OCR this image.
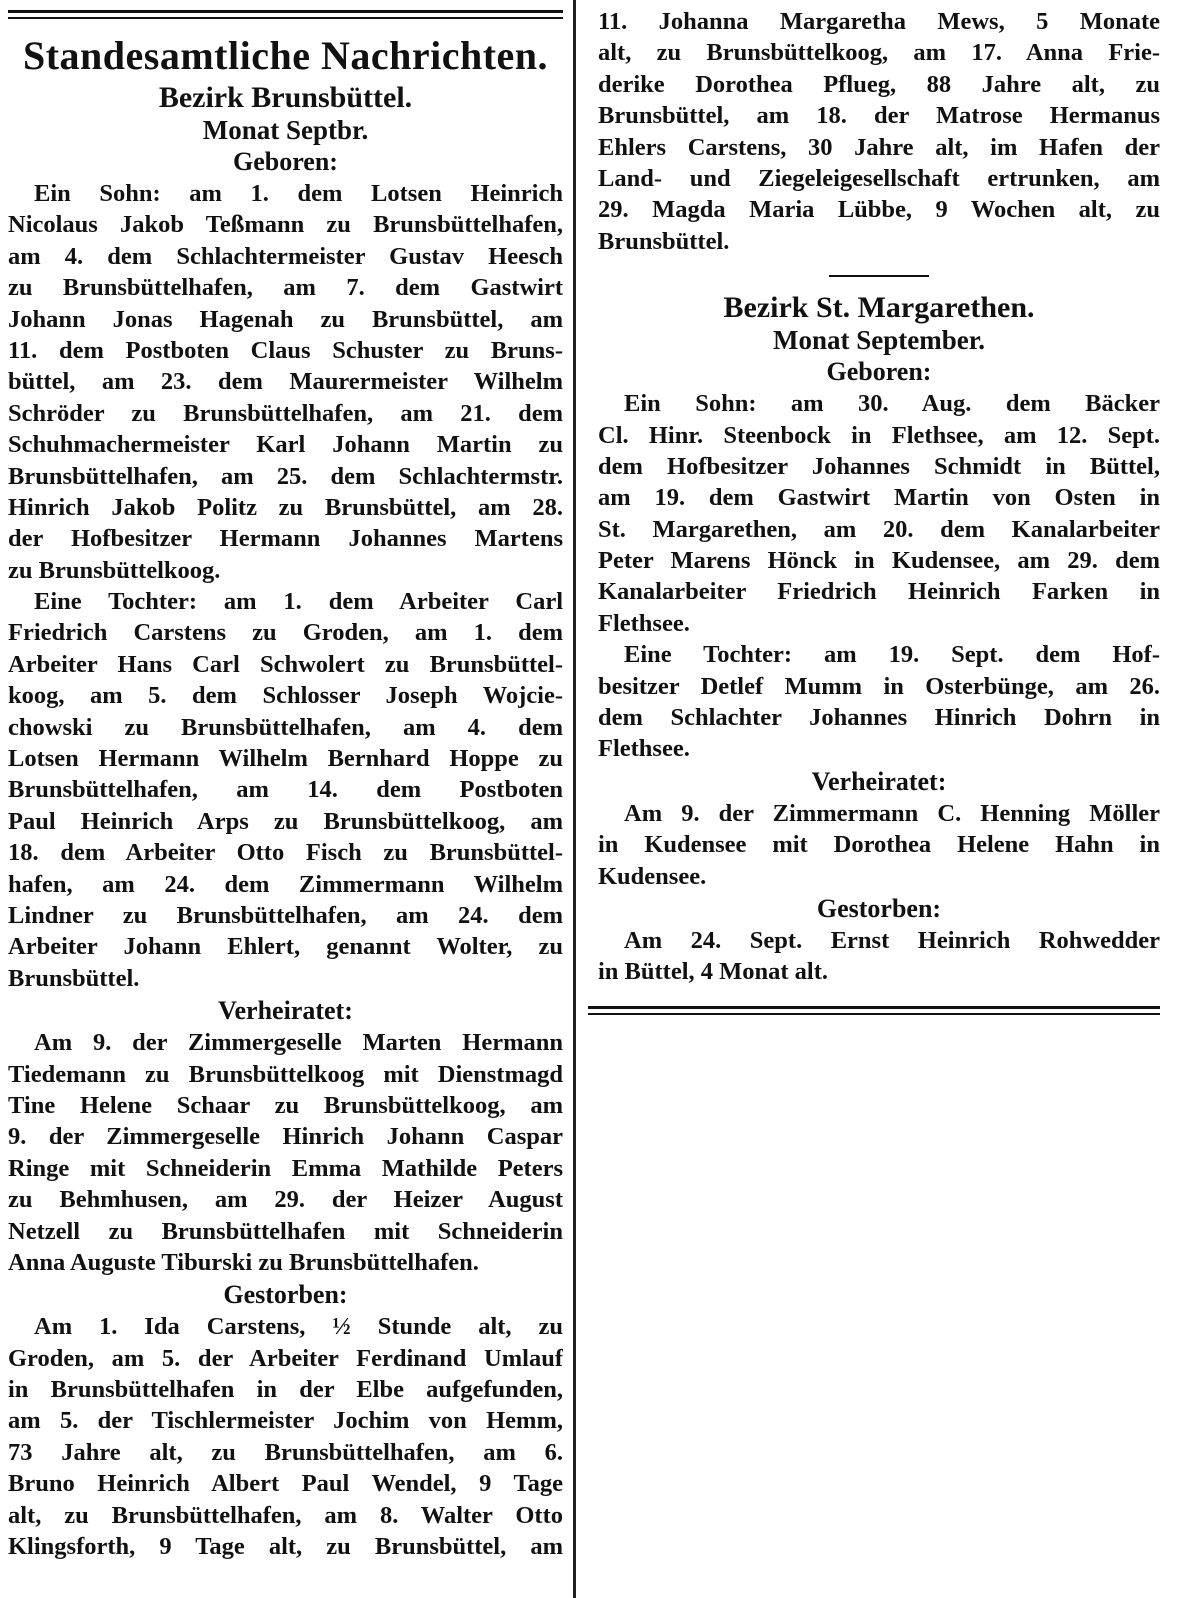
Standesamtliche Nachrichten.
Bezirk Brunsbüttel.
Monat Septbr.
Geboren:
Ein Sohn: am 1. dem Lotsen Heinrich
Nicolaus Jakob Teßmann zu Brunsbüttelhafen,
am 4. dem Schlachtermeister Gustav Heesch
zu Brunsbüttelhafen, am 7. dem Gastwirt
Johann Jonas Hagenah zu Brunsbüttel, am
11. dem Postboten Claus Schuster zu Bruns-
büttel, am 23. dem Maurermeister Wilhelm
Schröder zu Brunsbüttelhafen, am 21. dem
Schuhmachermeister Karl Johann Martin zu
Brunsbüttelhafen, am 25. dem Schlachtermstr.
Hinrich Jakob Politz zu Brunsbüttel, am 28.
der Hofbesitzer Hermann Johannes Martens
zu Brunsbüttelkoog.
Eine Tochter: am 1. dem Arbeiter Carl
Friedrich Carstens zu Groden, am 1. dem
Arbeiter Hans Carl Schwolert zu Brunsbüttel-
koog, am 5. dem Schlosser Joseph Wojcie-
chowski zu Brunsbüttelhafen, am 4. dem
Lotsen Hermann Wilhelm Bernhard Hoppe zu
Brunsbüttelhafen, am 14. dem Postboten
Paul Heinrich Arps zu Brunsbüttelkoog, am
18. dem Arbeiter Otto Fisch zu Brunsbüttel-
hafen, am 24. dem Zimmermann Wilhelm
Lindner zu Brunsbüttelhafen, am 24. dem
Arbeiter Johann Ehlert, genannt Wolter, zu
Brunsbüttel.
Verheiratet:
Am 9. der Zimmergeselle Marten Hermann
Tiedemann zu Brunsbüttelkoog mit Dienstmagd
Tine Helene Schaar zu Brunsbüttelkoog, am
9. der Zimmergeselle Hinrich Johann Caspar
Ringe mit Schneiderin Emma Mathilde Peters
zu Behmhusen, am 29. der Heizer August
Netzell zu Brunsbüttelhafen mit Schneiderin
Anna Auguste Tiburski zu Brunsbüttelhafen.
Gestorben:
Am 1. Ida Carstens, ½ Stunde alt, zu
Groden, am 5. der Arbeiter Ferdinand Umlauf
in Brunsbüttelhafen in der Elbe aufgefunden,
am 5. der Tischlermeister Jochim von Hemm,
73 Jahre alt, zu Brunsbüttelhafen, am 6.
Bruno Heinrich Albert Paul Wendel, 9 Tage
alt, zu Brunsbüttelhafen, am 8. Walter Otto
Klingsforth, 9 Tage alt, zu Brunsbüttel, am
11. Johanna Margaretha Mews, 5 Monate
alt, zu Brunsbüttelkoog, am 17. Anna Frie-
derike Dorothea Pflueg, 88 Jahre alt, zu
Brunsbüttel, am 18. der Matrose Hermanus
Ehlers Carstens, 30 Jahre alt, im Hafen der
Land- und Ziegeleigesellschaft ertrunken, am
29. Magda Maria Lübbe, 9 Wochen alt, zu
Brunsbüttel.
Bezirk St. Margarethen.
Monat September.
Geboren:
Ein Sohn: am 30. Aug. dem Bäcker
Cl. Hinr. Steenbock in Flethsee, am 12. Sept.
dem Hofbesitzer Johannes Schmidt in Büttel,
am 19. dem Gastwirt Martin von Osten in
St. Margarethen, am 20. dem Kanalarbeiter
Peter Marens Hönck in Kudensee, am 29. dem
Kanalarbeiter Friedrich Heinrich Farken in
Flethsee.
Eine Tochter: am 19. Sept. dem Hof-
besitzer Detlef Mumm in Osterbünge, am 26.
dem Schlachter Johannes Hinrich Dohrn in
Flethsee.
Verheiratet:
Am 9. der Zimmermann C. Henning Möller
in Kudensee mit Dorothea Helene Hahn in
Kudensee.
Gestorben:
Am 24. Sept. Ernst Heinrich Rohwedder
in Büttel, 4 Monat alt.
